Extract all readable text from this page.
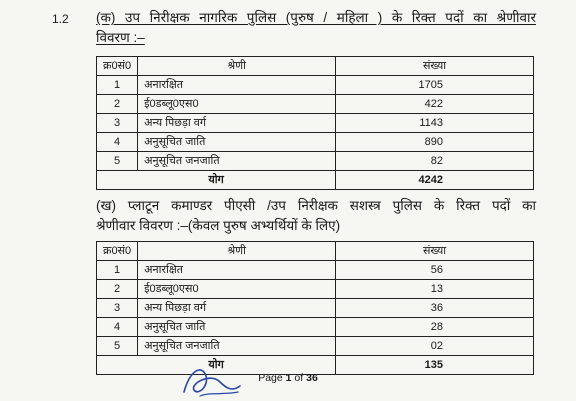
1.2 (क) उप निरीक्षक नागरिक पुलिस (पुरुष / महिला ) के रिक्त पदों का श्रेणीवार
विवरण :–
क्र0सं0	श्रेणी	संख्या
1	अनारक्षित	1705
2	ई0डब्लू0एस0	422
3	अन्य पिछड़ा वर्ग	1143
4	अनुसूचित जाति	890
5	अनुसूचित जनजाति	82
योग		4242
(ख) प्लाटून कमाण्डर पीएसी /उप निरीक्षक सशस्त्र पुलिस के रिक्त पदों का
श्रेणीवार विवरण :–(केवल पुरुष अभ्यर्थियों के लिए)
क्र0सं0	श्रेणी	संख्या
1	अनारक्षित	56
2	ई0डब्लू0एस0	13
3	अन्य पिछड़ा वर्ग	36
4	अनुसूचित जाति	28
5	अनुसूचित जनजाति	02
योग		135
Page 1 of 36
